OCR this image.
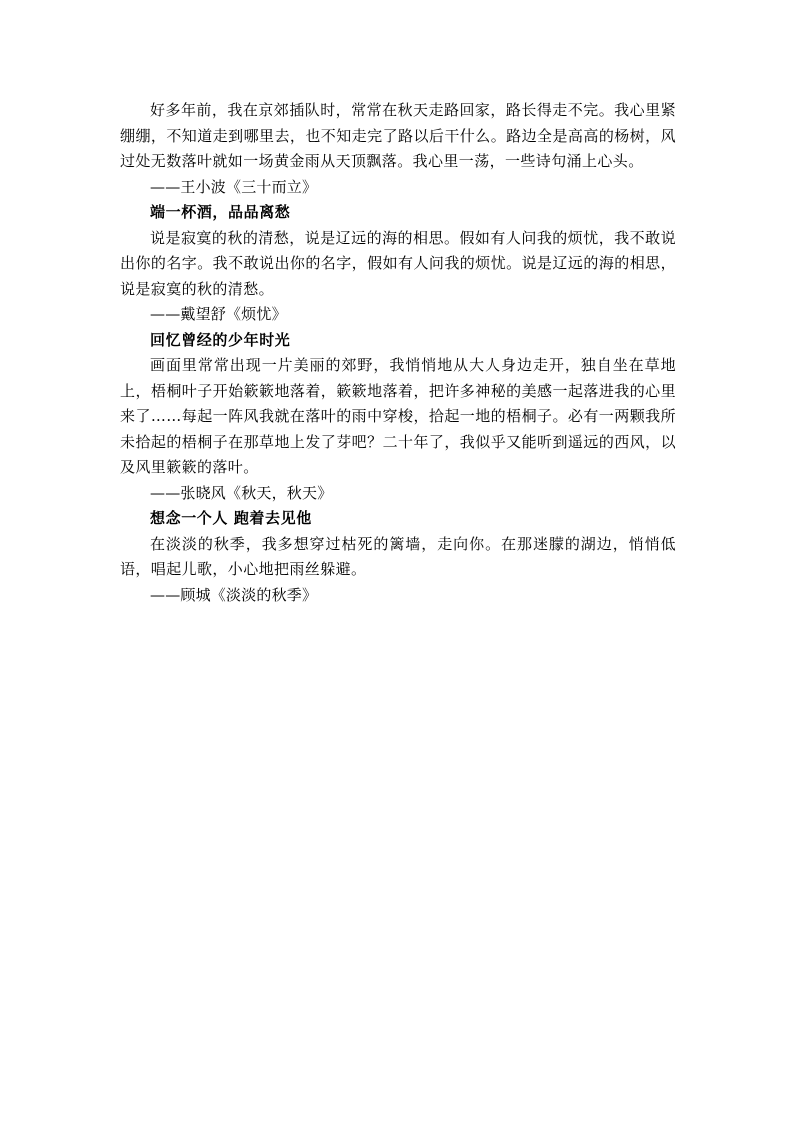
好多年前，我在京郊插队时，常常在秋天走路回家，路长得走不完。我心里紧绷绷，不知道走到哪里去，也不知走完了路以后干什么。路边全是高高的杨树，风过处无数落叶就如一场黄金雨从天顶飘落。我心里一荡，一些诗句涌上心头。

——王小波《三十而立》

端一杯酒，品品离愁

说是寂寞的秋的清愁，说是辽远的海的相思。假如有人问我的烦忧，我不敢说出你的名字。我不敢说出你的名字，假如有人问我的烦忧。说是辽远的海的相思，说是寂寞的秋的清愁。

——戴望舒《烦忧》

回忆曾经的少年时光

画面里常常出现一片美丽的郊野，我悄悄地从大人身边走开，独自坐在草地上，梧桐叶子开始簌簌地落着，簌簌地落着，把许多神秘的美感一起落进我的心里来了……每起一阵风我就在落叶的雨中穿梭，拾起一地的梧桐子。必有一两颗我所未拾起的梧桐子在那草地上发了芽吧？二十年了，我似乎又能听到遥远的西风，以及风里簌簌的落叶。

——张晓风《秋天，秋天》

想念一个人 跑着去见他

在淡淡的秋季，我多想穿过枯死的篱墙，走向你。在那迷朦的湖边，悄悄低语，唱起儿歌，小心地把雨丝躲避。

——顾城《淡淡的秋季》
